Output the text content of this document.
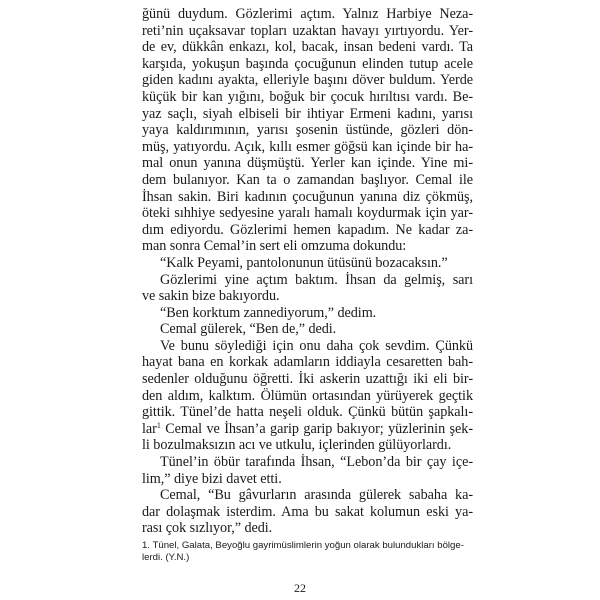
ğünü duydum. Gözlerimi açtım. Yalnız Harbiye Neza-
reti’nin uçaksavar topları uzaktan havayı yırtıyordu. Yer-
de ev, dükkân enkazı, kol, bacak, insan bedeni vardı. Ta
karşıda, yokuşun başında çocuğunun elinden tutup acele
giden kadını ayakta, elleriyle başını döver buldum. Yerde
küçük bir kan yığını, boğuk bir çocuk hırıltısı vardı. Be-
yaz saçlı, siyah elbiseli bir ihtiyar Ermeni kadını, yarısı
yaya kaldırımının, yarısı şosenin üstünde, gözleri dön-
müş, yatıyordu. Açık, kıllı esmer göğsü kan içinde bir ha-
mal onun yanına düşmüştü. Yerler kan içinde. Yine mi-
dem bulanıyor. Kan ta o zamandan başlıyor. Cemal ile
İhsan sakin. Biri kadının çocuğunun yanına diz çökmüş,
öteki sıhhiye sedyesine yaralı hamalı koydurmak için yar-
dım ediyordu. Gözlerimi hemen kapadım. Ne kadar za-
man sonra Cemal’in sert eli omzuma dokundu:
“Kalk Peyami, pantolonunun ütüsünü bozacaksın.”
Gözlerimi yine açtım baktım. İhsan da gelmiş, sarı
ve sakin bize bakıyordu.
“Ben korktum zannediyorum,” dedim.
Cemal gülerek, “Ben de,” dedi.
Ve bunu söylediği için onu daha çok sevdim. Çünkü
hayat bana en korkak adamların iddiayla cesaretten bah-
sedenler olduğunu öğretti. İki askerin uzattığı iki eli bir-
den aldım, kalktım. Ölümün ortasından yürüyerek geçtik
gittik. Tünel’de hatta neşeli olduk. Çünkü bütün şapkalı-
lar$^1$ Cemal ve İhsan’a garip garip bakıyor; yüzlerinin şek-
li bozulmaksızın acı ve utkulu, içlerinden gülüyorlardı.
Tünel’in öbür tarafında İhsan, “Lebon’da bir çay içe-
lim,” diye bizi davet etti.
Cemal, “Bu gâvurların arasında gülerek sabaha ka-
dar dolaşmak isterdim. Ama bu sakat kolumun eski ya-
rası çok sızlıyor,” dedi.
1. Tünel, Galata, Beyoğlu gayrimüslimlerin yoğun olarak bulundukları bölge-
lerdi. (Y.N.)
22
